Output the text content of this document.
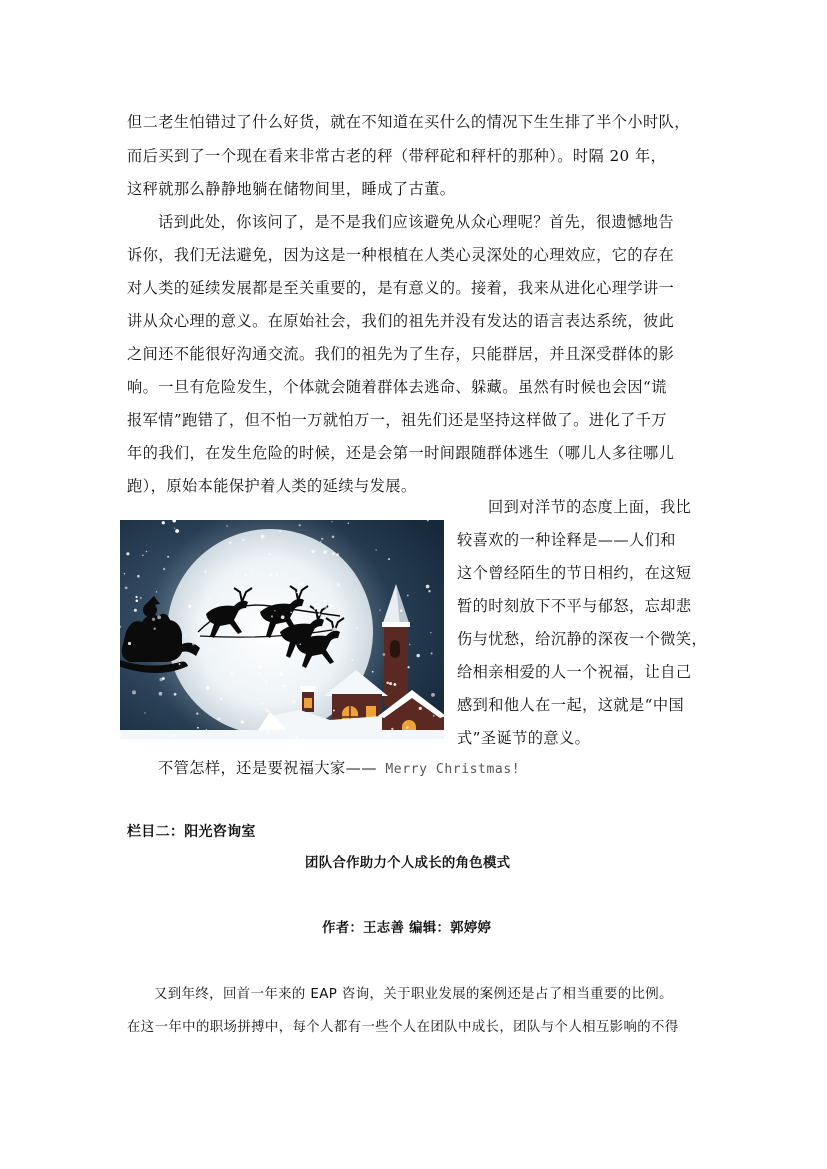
但二老生怕错过了什么好货，就在不知道在买什么的情况下生生排了半个小时队，
而后买到了一个现在看来非常古老的秤（带秤砣和秤杆的那种）。时隔 20 年，
这秤就那么静静地躺在储物间里，睡成了古董。
话到此处，你该问了，是不是我们应该避免从众心理呢？首先，很遗憾地告
诉你，我们无法避免，因为这是一种根植在人类心灵深处的心理效应，它的存在
对人类的延续发展都是至关重要的，是有意义的。接着，我来从进化心理学讲一
讲从众心理的意义。在原始社会，我们的祖先并没有发达的语言表达系统，彼此
之间还不能很好沟通交流。我们的祖先为了生存，只能群居，并且深受群体的影
响。一旦有危险发生，个体就会随着群体去逃命、躲藏。虽然有时候也会因“谎
报军情”跑错了，但不怕一万就怕万一，祖先们还是坚持这样做了。进化了千万
年的我们，在发生危险的时候，还是会第一时间跟随群体逃生（哪儿人多往哪儿
跑），原始本能保护着人类的延续与发展。
回到对洋节的态度上面，我比
较喜欢的一种诠释是——人们和
这个曾经陌生的节日相约，在这短
暂的时刻放下不平与郁怒，忘却悲
伤与忧愁，给沉静的深夜一个微笑，
给相亲相爱的人一个祝福，让自己
感到和他人在一起，这就是“中国
式”圣诞节的意义。
不管怎样，还是要祝福大家—— Merry Christmas!
栏目二：阳光咨询室
团队合作助力个人成长的角色模式
作者：王志善 编辑：郭婷婷
又到年终，回首一年来的 EAP 咨询，关于职业发展的案例还是占了相当重要的比例。
在这一年中的职场拼搏中，每个人都有一些个人在团队中成长，团队与个人相互影响的不得
